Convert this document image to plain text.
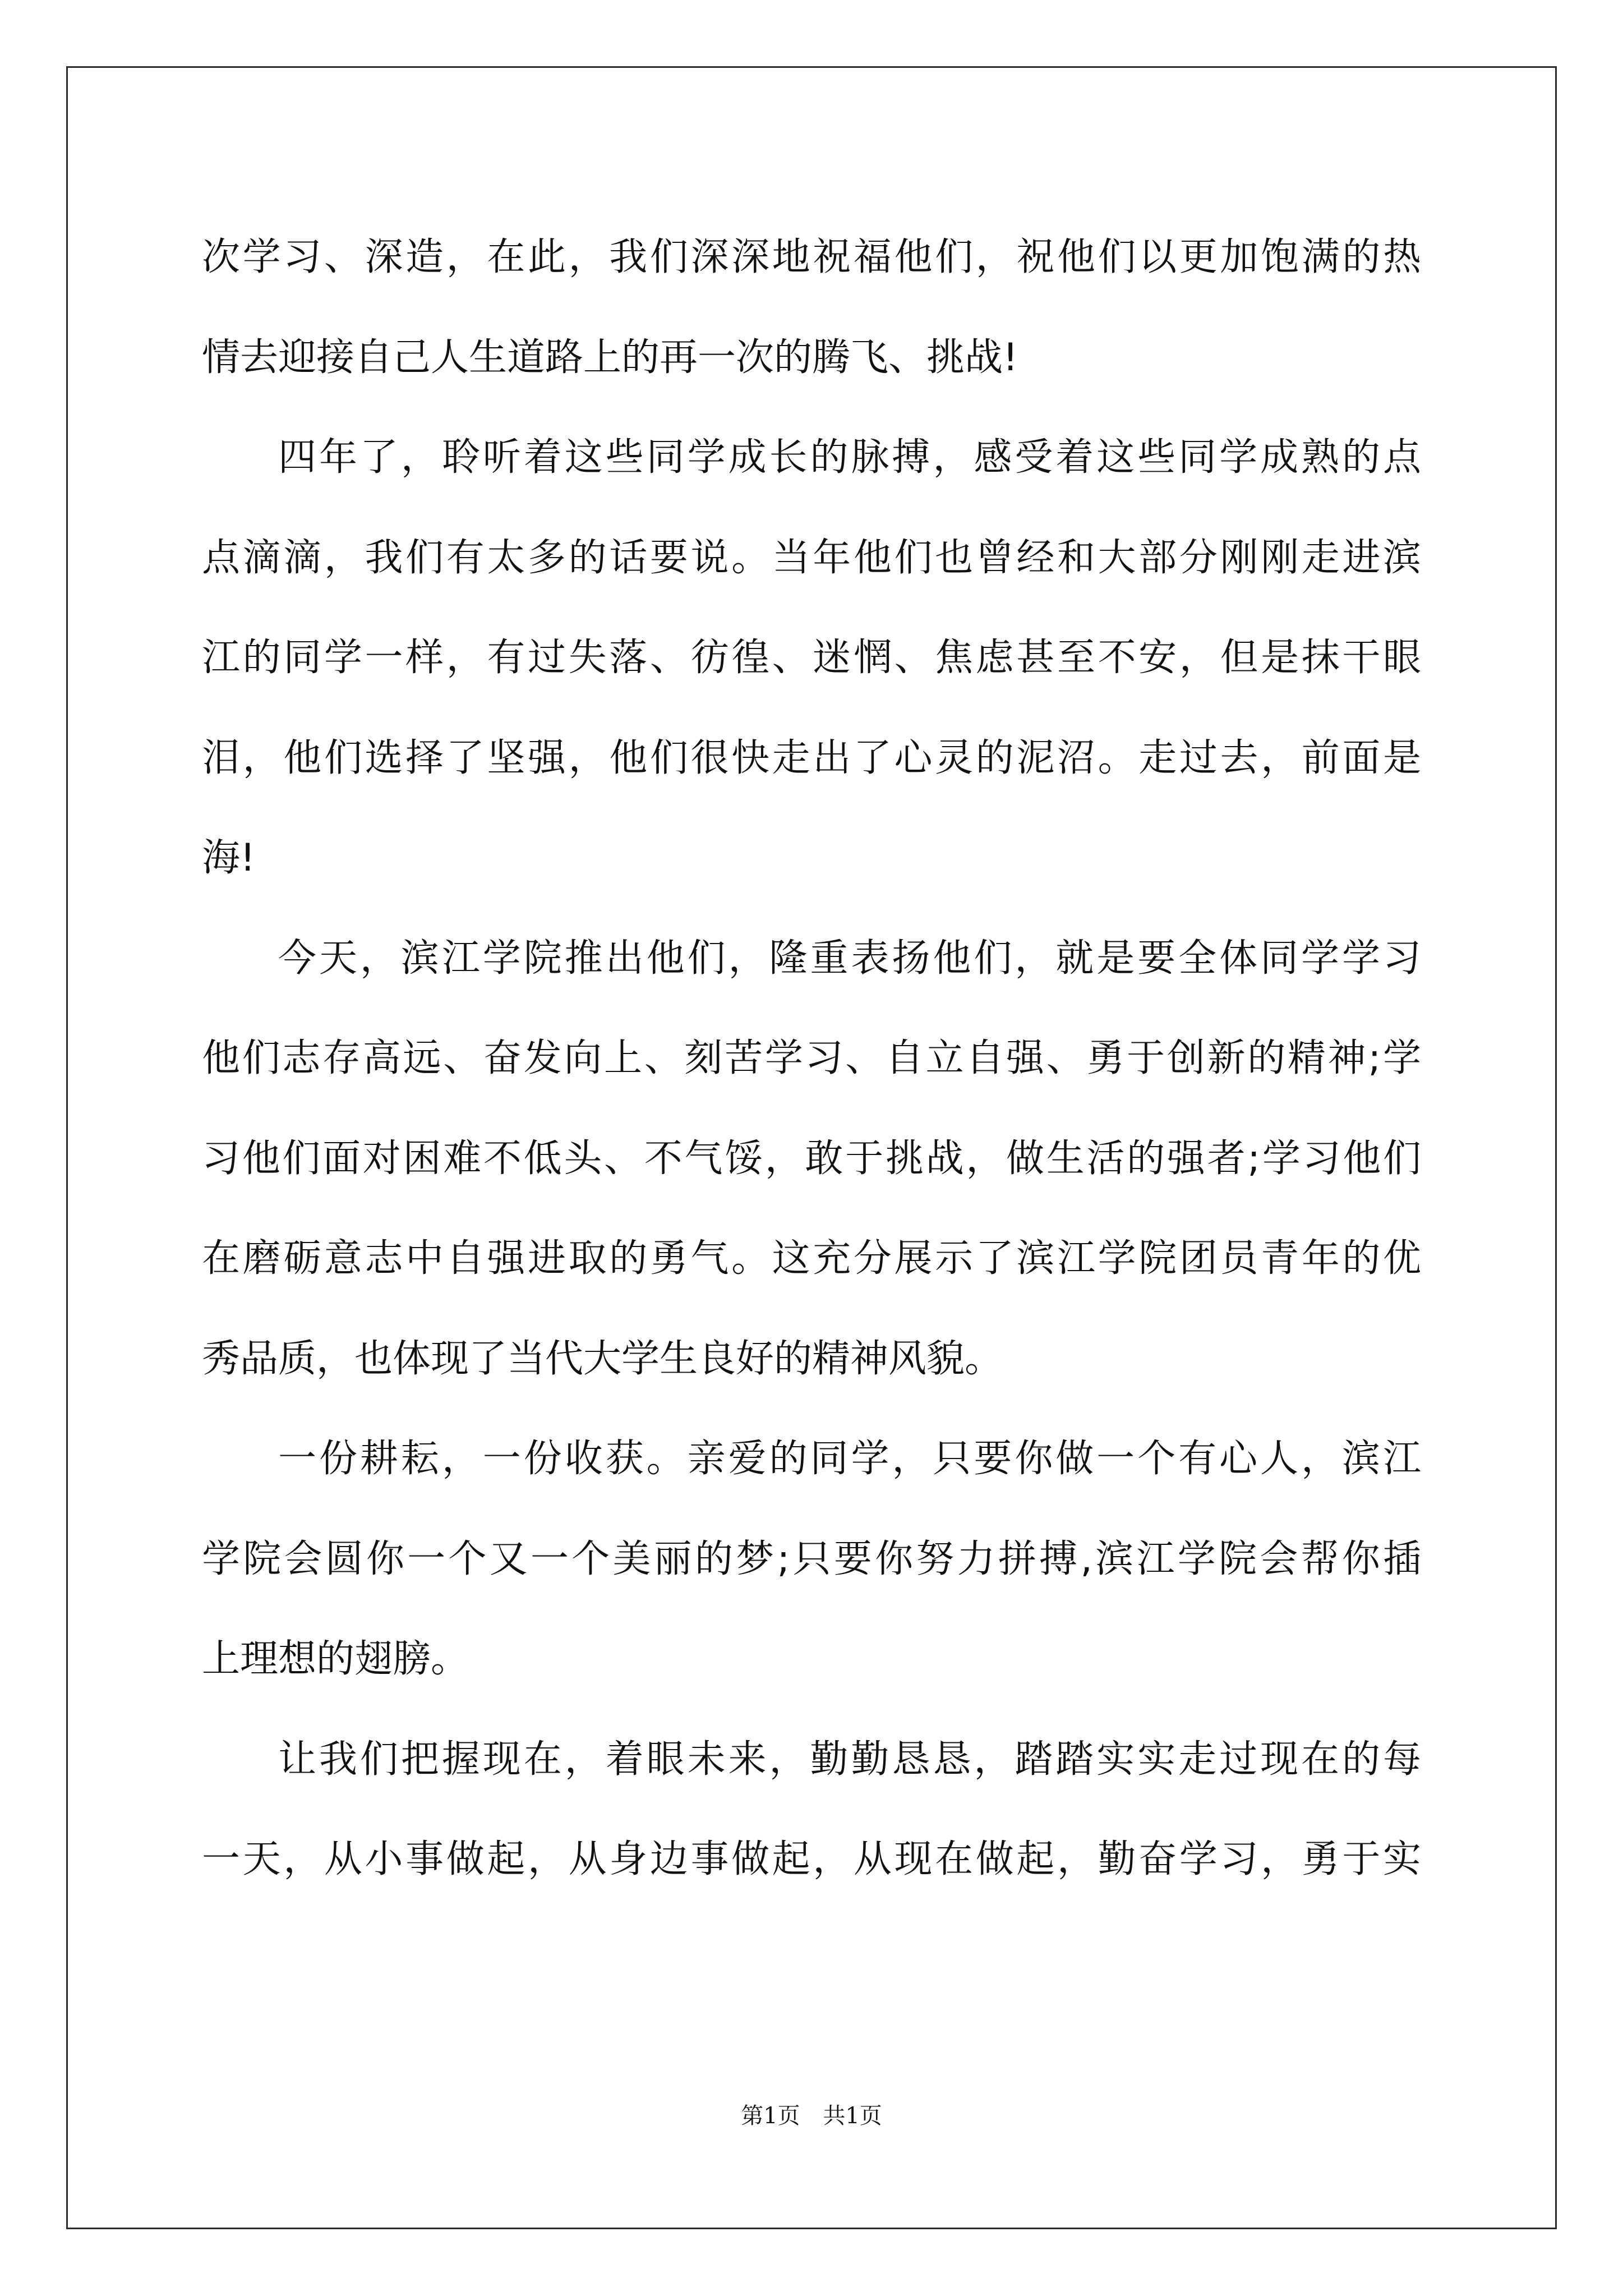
次学习、深造，在此，我们深深地祝福他们，祝他们以更加饱满的热
情去迎接自己人生道路上的再一次的腾飞、挑战!
四年了，聆听着这些同学成长的脉搏，感受着这些同学成熟的点
点滴滴，我们有太多的话要说。当年他们也曾经和大部分刚刚走进滨
江的同学一样，有过失落、彷徨、迷惘、焦虑甚至不安，但是抹干眼
泪，他们选择了坚强，他们很快走出了心灵的泥沼。走过去，前面是
海!
今天，滨江学院推出他们，隆重表扬他们，就是要全体同学学习
他们志存高远、奋发向上、刻苦学习、自立自强、勇于创新的精神;学
习他们面对困难不低头、不气馁，敢于挑战，做生活的强者;学习他们
在磨砺意志中自强进取的勇气。这充分展示了滨江学院团员青年的优
秀品质，也体现了当代大学生良好的精神风貌。
一份耕耘，一份收获。亲爱的同学，只要你做一个有心人，滨江
学院会圆你一个又一个美丽的梦;只要你努力拼搏,滨江学院会帮你插
上理想的翅膀。
让我们把握现在，着眼未来，勤勤恳恳，踏踏实实走过现在的每
一天，从小事做起，从身边事做起，从现在做起，勤奋学习，勇于实
第1页 共1页
